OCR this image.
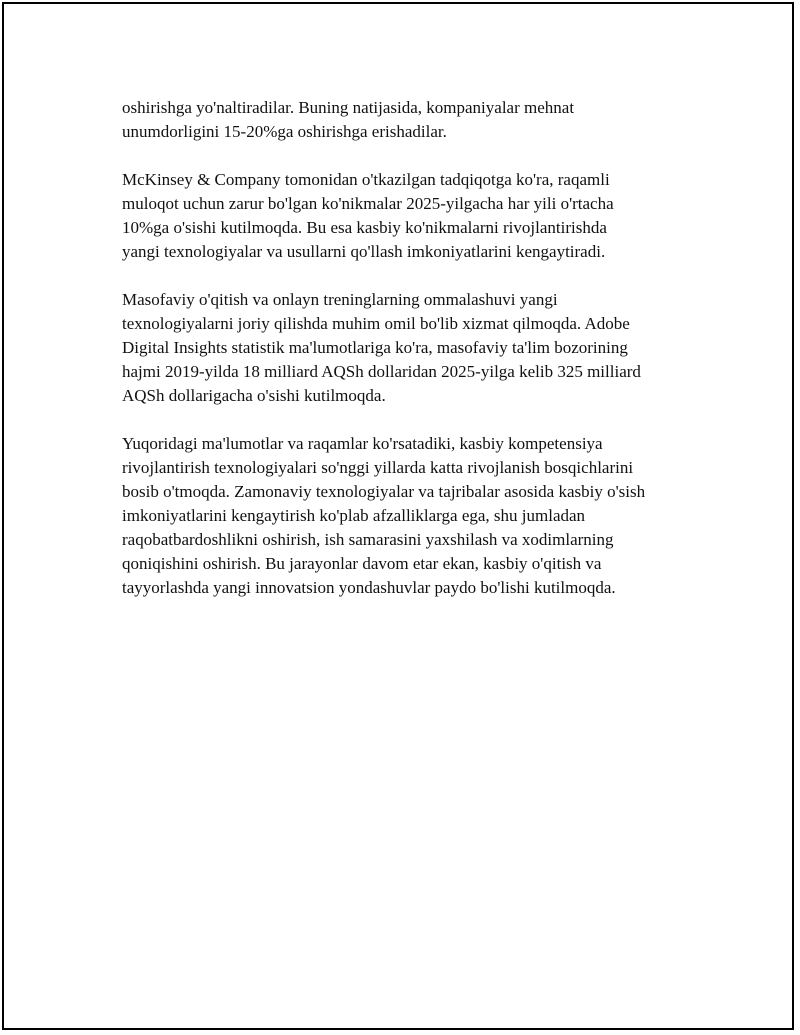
oshirishga yo'naltiradilar. Buning natijasida, kompaniyalar mehnat
unumdorligini 15-20%ga oshirishga erishadilar.

McKinsey & Company tomonidan o'tkazilgan tadqiqotga ko'ra, raqamli
muloqot uchun zarur bo'lgan ko'nikmalar 2025-yilgacha har yili o'rtacha
10%ga o'sishi kutilmoqda. Bu esa kasbiy ko'nikmalarni rivojlantirishda
yangi texnologiyalar va usullarni qo'llash imkoniyatlarini kengaytiradi.

Masofaviy o'qitish va onlayn treninglarning ommalashuvi yangi
texnologiyalarni joriy qilishda muhim omil bo'lib xizmat qilmoqda. Adobe
Digital Insights statistik ma'lumotlariga ko'ra, masofaviy ta'lim bozorining
hajmi 2019-yilda 18 milliard AQSh dollaridan 2025-yilga kelib 325 milliard
AQSh dollarigacha o'sishi kutilmoqda.

Yuqoridagi ma'lumotlar va raqamlar ko'rsatadiki, kasbiy kompetensiya
rivojlantirish texnologiyalari so'nggi yillarda katta rivojlanish bosqichlarini
bosib o'tmoqda. Zamonaviy texnologiyalar va tajribalar asosida kasbiy o'sish
imkoniyatlarini kengaytirish ko'plab afzalliklarga ega, shu jumladan
raqobatbardoshlikni oshirish, ish samarasini yaxshilash va xodimlarning
qoniqishini oshirish. Bu jarayonlar davom etar ekan, kasbiy o'qitish va
tayyorlashda yangi innovatsion yondashuvlar paydo bo'lishi kutilmoqda.
